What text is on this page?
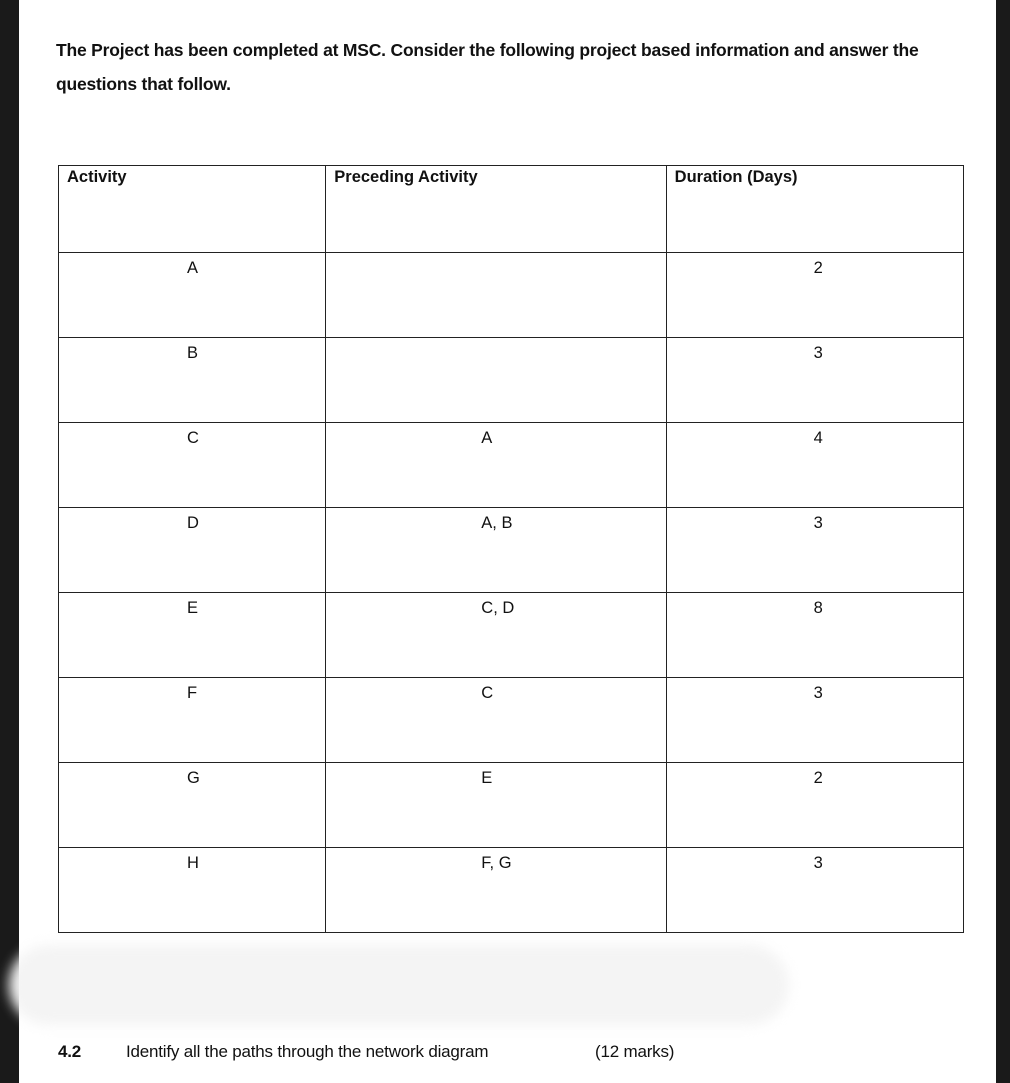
The Project has been completed at MSC. Consider the following project based information and answer the questions that follow.
Activity	Preceding Activity	Duration (Days)

A		2

B		3

C	A	4

D	A, B	3

E	C, D	8

F	C	3

G	E	2

H	F, G	3
4.2	Identify all the paths through the network diagram	(12 marks)
